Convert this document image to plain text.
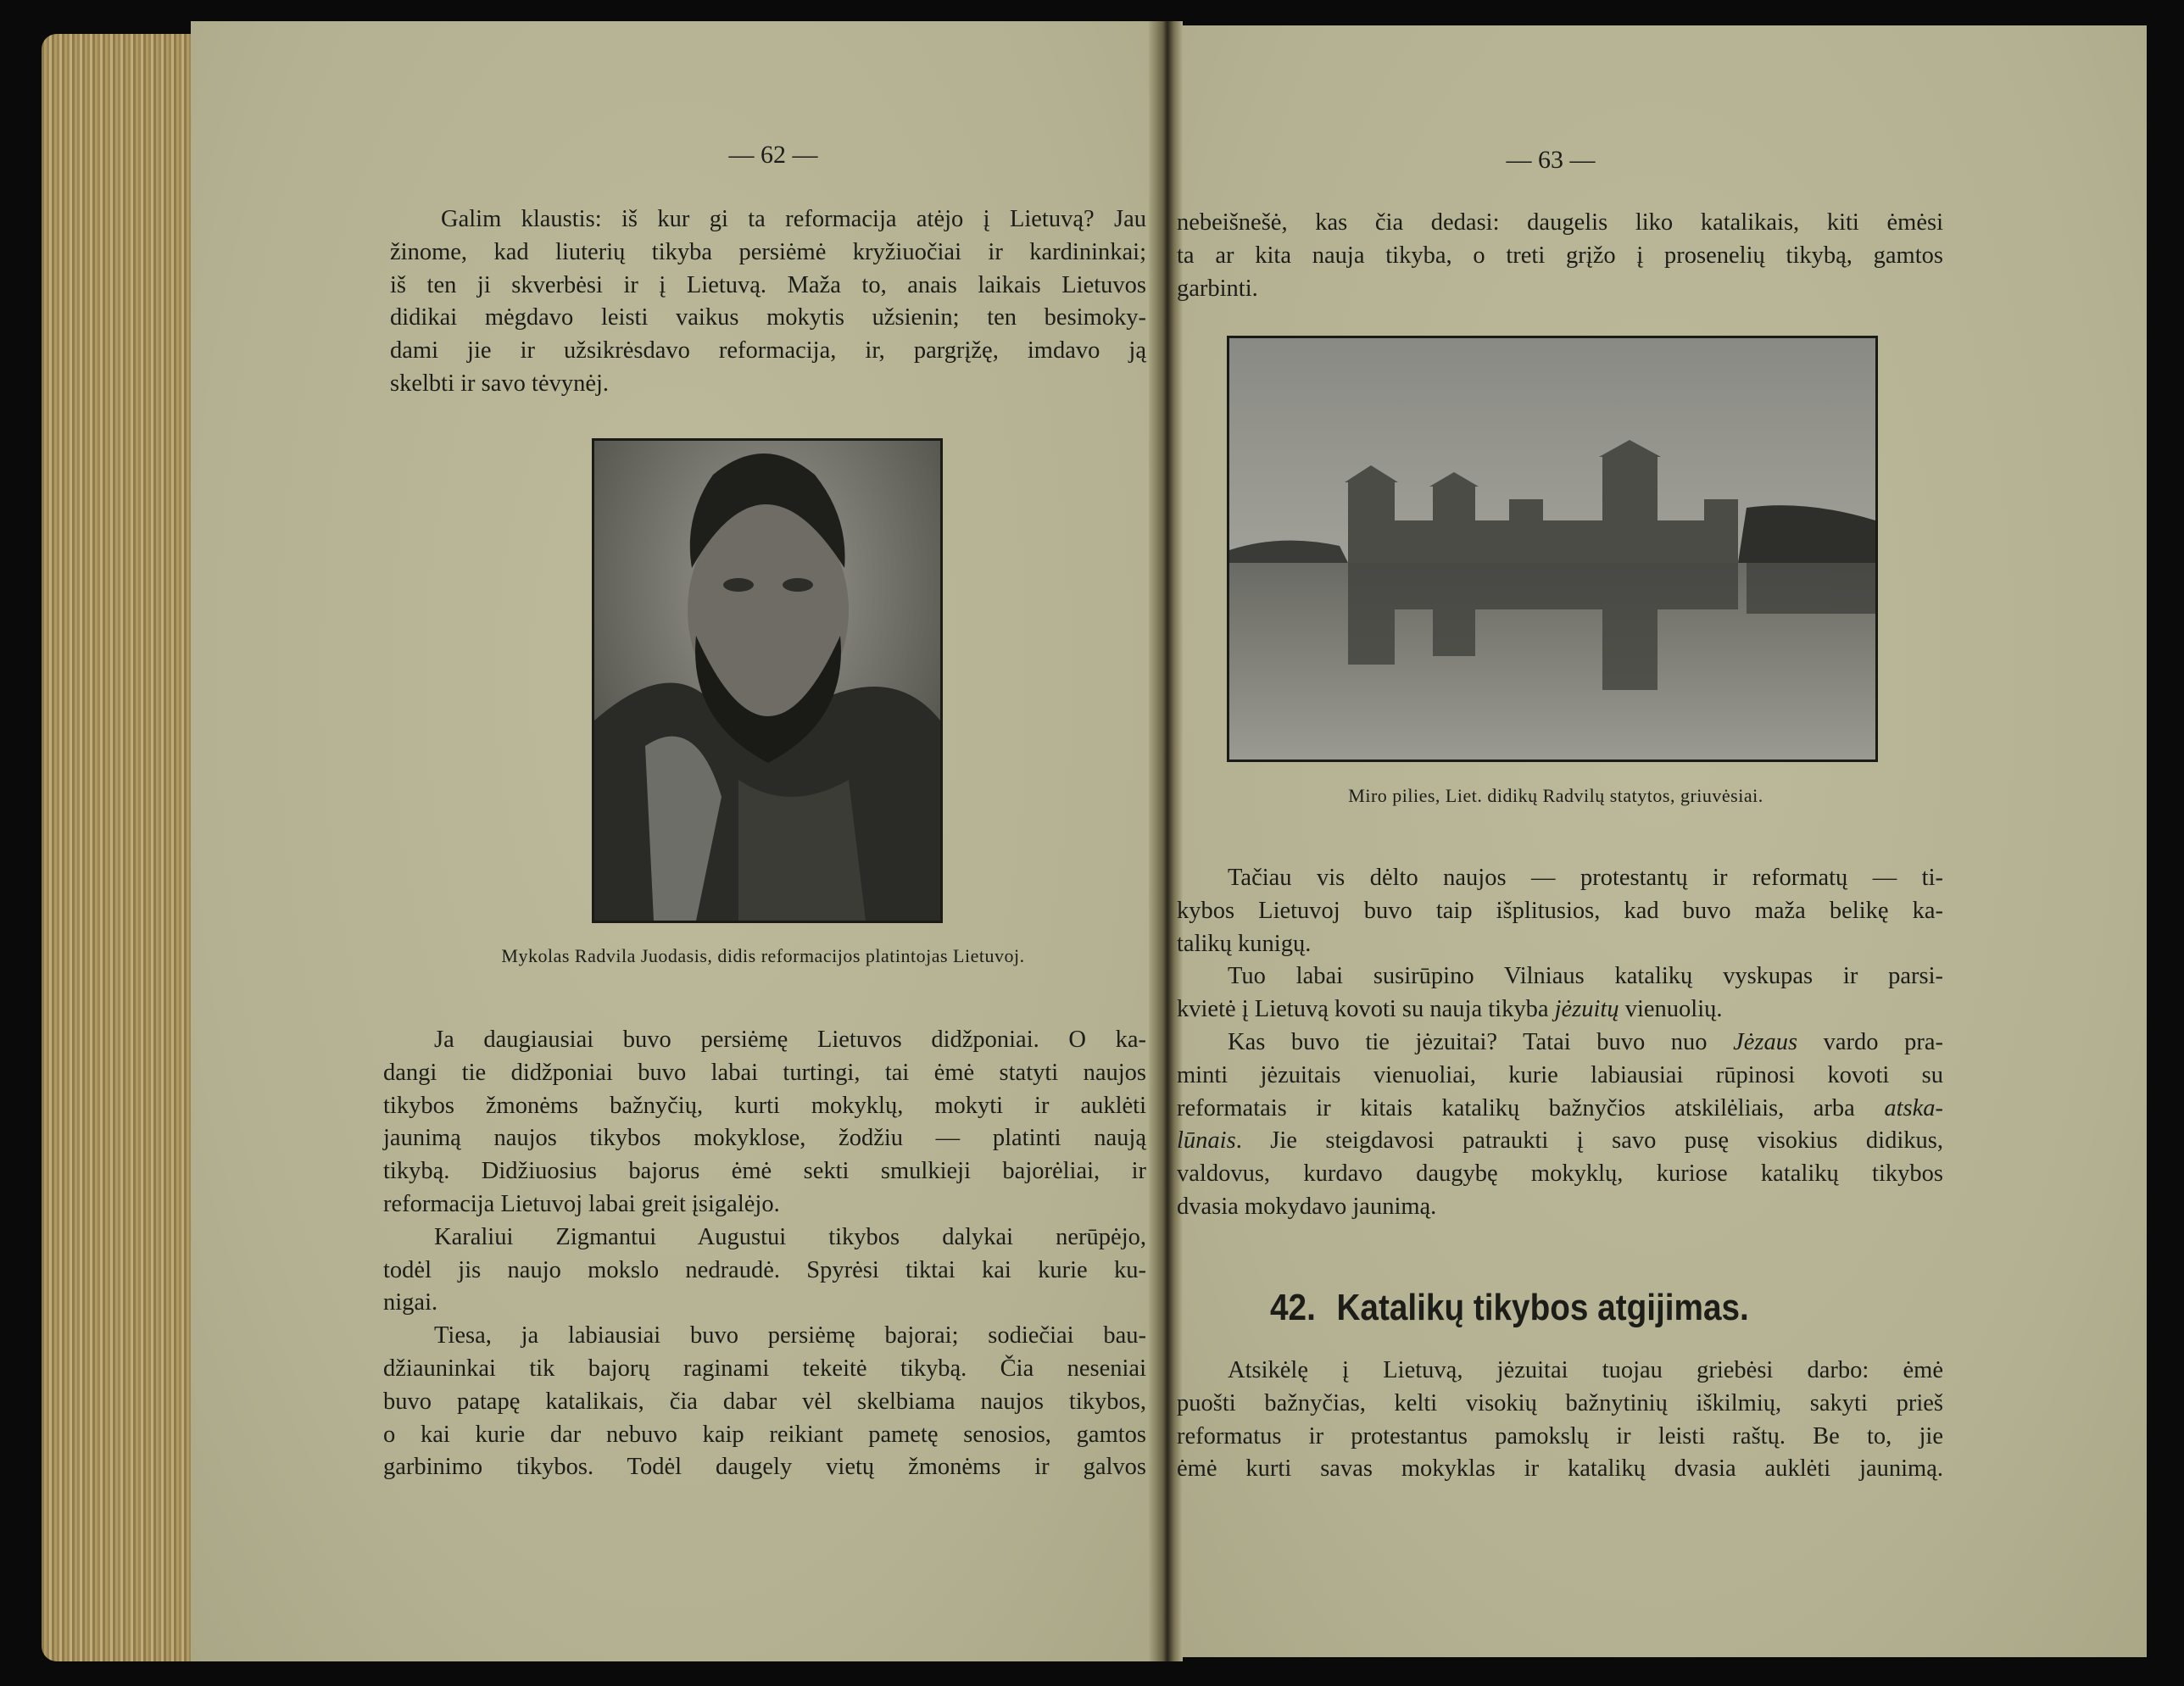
— 62 —
Galim klaustis: iš kur gi ta reformacija atėjo į Lietuvą? Jau
žinome, kad liuterių tikyba persiėmė kryžiuočiai ir kardininkai;
iš ten ji skverbėsi ir į Lietuvą. Maža to, anais laikais Lietuvos
didikai mėgdavo leisti vaikus mokytis užsienin; ten besimoky-
dami jie ir užsikrėsdavo reformacija, ir, pargrįžę, imdavo ją
skelbti ir savo tėvynėj.
Mykolas Radvila Juodasis, didis reformacijos platintojas Lietuvoj.
Ja daugiausiai buvo persiėmę Lietuvos didžponiai. O ka-
dangi tie didžponiai buvo labai turtingi, tai ėmė statyti naujos
tikybos žmonėms bažnyčių, kurti mokyklų, mokyti ir auklėti
jaunimą naujos tikybos mokyklose, žodžiu — platinti naują
tikybą. Didžiuosius bajorus ėmė sekti smulkieji bajorėliai, ir
reformacija Lietuvoj labai greit įsigalėjo.
Karaliui Zigmantui Augustui tikybos dalykai nerūpėjo,
todėl jis naujo mokslo nedraudė. Spyrėsi tiktai kai kurie ku-
nigai.
Tiesa, ja labiausiai buvo persiėmę bajorai; sodiečiai bau-
džiauninkai tik bajorų raginami tekeitė tikybą. Čia neseniai
buvo patapę katalikais, čia dabar vėl skelbiama naujos tikybos,
o kai kurie dar nebuvo kaip reikiant pametę senosios, gamtos
garbinimo tikybos. Todėl daugely vietų žmonėms ir galvos
— 63 —
nebeišnešė, kas čia dedasi: daugelis liko katalikais, kiti ėmėsi
ta ar kita nauja tikyba, o treti grįžo į prosenelių tikybą, gamtos
garbinti.
Miro pilies, Liet. didikų Radvilų statytos, griuvėsiai.
Tačiau vis dėlto naujos — protestantų ir reformatų — ti-
kybos Lietuvoj buvo taip išplitusios, kad buvo maža belikę ka-
talikų kunigų.
Tuo labai susirūpino Vilniaus katalikų vyskupas ir parsi-
kvietė į Lietuvą kovoti su nauja tikyba jėzuitų vienuolių.
Kas buvo tie jėzuitai? Tatai buvo nuo Jėzaus vardo pra-
minti jėzuitais vienuoliai, kurie labiausiai rūpinosi kovoti su
reformatais ir kitais katalikų bažnyčios atskilėliais, arba atska-
lūnais. Jie steigdavosi patraukti į savo pusę visokius didikus,
valdovus, kurdavo daugybę mokyklų, kuriose katalikų tikybos
dvasia mokydavo jaunimą.
42. Katalikų tikybos atgijimas.
Atsikėlę į Lietuvą, jėzuitai tuojau griebėsi darbo: ėmė
puošti bažnyčias, kelti visokių bažnytinių iškilmių, sakyti prieš
reformatus ir protestantus pamokslų ir leisti raštų. Be to, jie
ėmė kurti savas mokyklas ir katalikų dvasia auklėti jaunimą.
